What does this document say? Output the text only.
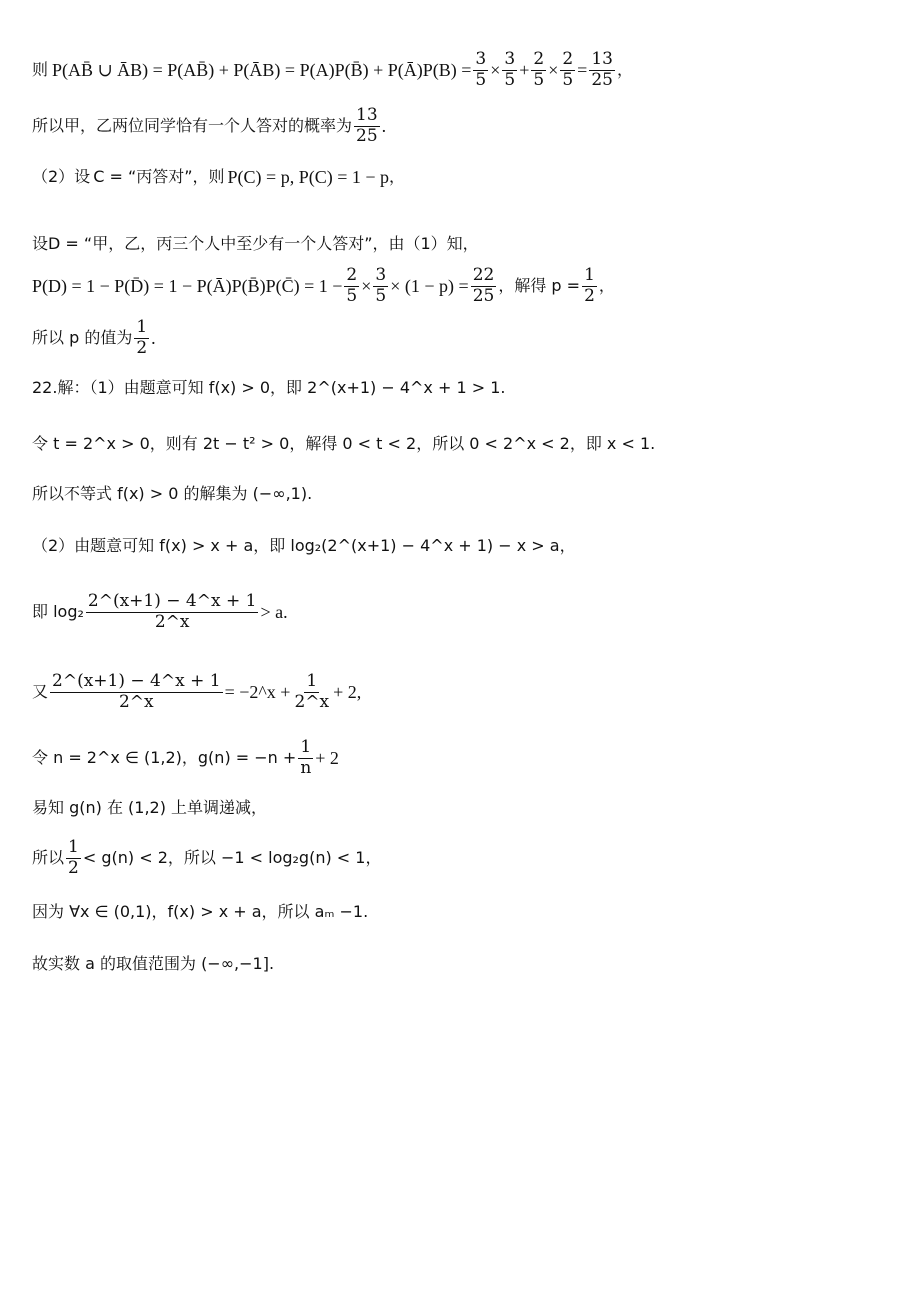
则 P(AB̄ ∪ ĀB) = P(AB̄) + P(ĀB) = P(A)P(B̄) + P(Ā)P(B) = $\frac{3}{5} \times \frac{3}{5} + \frac{2}{5} \times \frac{2}{5} = \frac{13}{25}$ ，
所以甲，乙两位同学恰有一个人答对的概率为 $\frac{13}{25}$ .
（2）设 C = “丙答对”，则 P(C) = p, P(C) = 1 − p ，
设D = “甲，乙，丙三个人中至少有一个人答对”，由（1）知，
P(D) = 1 − P(D̄) = 1 − P(Ā)P(B̄)P(C̄) = $1 - \frac{2}{5} \times \frac{3}{5} \times (1 - p) = \frac{22}{25}$ ，解得 $p = \frac{1}{2}$ ，
所以 p 的值为 $\frac{1}{2}$ .
22.解：（1）由题意可知 f(x) > 0，即 2^(x+1) − 4^x + 1 > 1.
令 t = 2^x > 0，则有 2t − t² > 0，解得 0 < t < 2，所以 0 < 2^x < 2，即 x < 1.
所以不等式 f(x) > 0 的解集为 (−∞,1).
（2）由题意可知 f(x) > x + a，即 log₂(2^(x+1) − 4^x + 1) − x > a，
即 $\log_2 \frac{2\^{}(x+1) - 4\^{}x + 1}{2\^{}x} > a$.
又 $\frac{2\^{}(x+1) - 4\^{}x + 1}{2\^{}x}$ = −2^x + $\frac{1}{2\^{}x} + 2$,
令 n = 2^x ∈ (1,2)，$g(n) = -n + \frac{1}{n} + 2$
易知 g(n) 在 (1,2) 上单调递减，
所以 $\frac{1}{2} < g(n) < 2$，所以 −1 < log₂g(n) < 1，
因为 ∀x ∈ (0,1)，f(x) > x + a，所以 aₘ −1.
故实数 a 的取值范围为 (−∞,−1].
